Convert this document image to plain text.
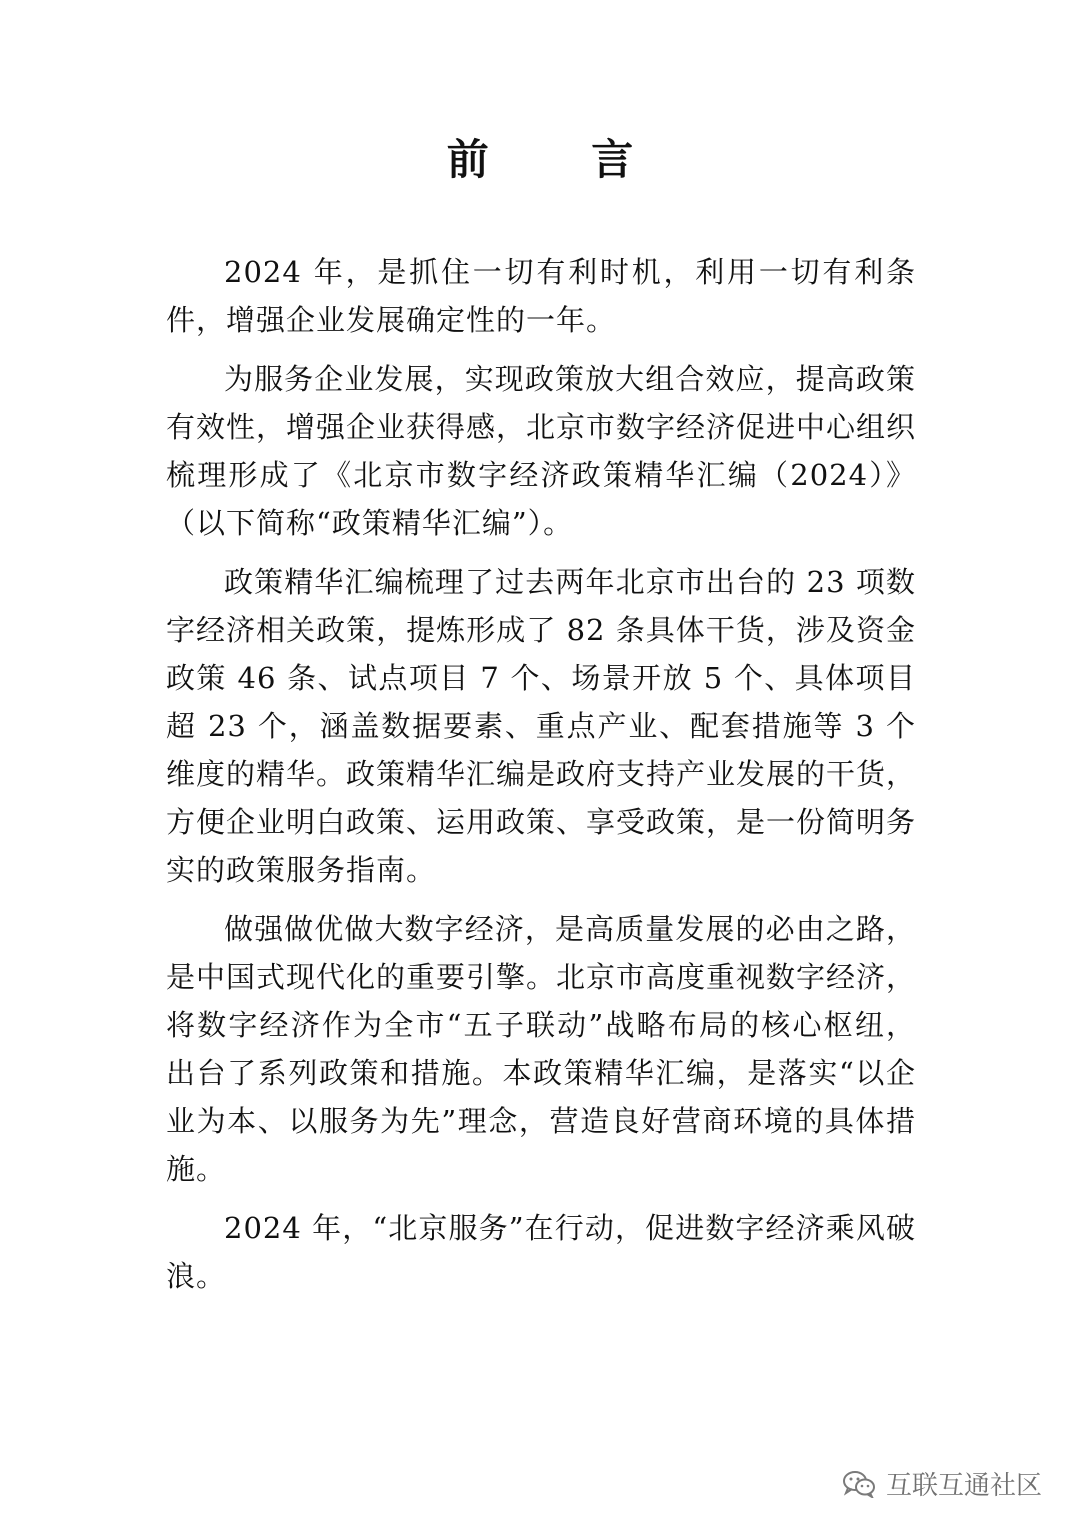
前 言

2024 年，是抓住一切有利时机，利用一切有利条件，增强企业发展确定性的一年。

为服务企业发展，实现政策放大组合效应，提高政策有效性，增强企业获得感，北京市数字经济促进中心组织梳理形成了《北京市数字经济政策精华汇编（2024）》（以下简称“政策精华汇编”）。

政策精华汇编梳理了过去两年北京市出台的 23 项数字经济相关政策，提炼形成了 82 条具体干货，涉及资金政策 46 条、试点项目 7 个、场景开放 5 个、具体项目超 23 个，涵盖数据要素、重点产业、配套措施等 3 个维度的精华。政策精华汇编是政府支持产业发展的干货，方便企业明白政策、运用政策、享受政策，是一份简明务实的政策服务指南。

做强做优做大数字经济，是高质量发展的必由之路，是中国式现代化的重要引擎。北京市高度重视数字经济，将数字经济作为全市“五子联动”战略布局的核心枢纽，出台了系列政策和措施。本政策精华汇编，是落实“以企业为本、以服务为先”理念，营造良好营商环境的具体措施。

2024 年，“北京服务”在行动，促进数字经济乘风破浪。

互联互通社区
